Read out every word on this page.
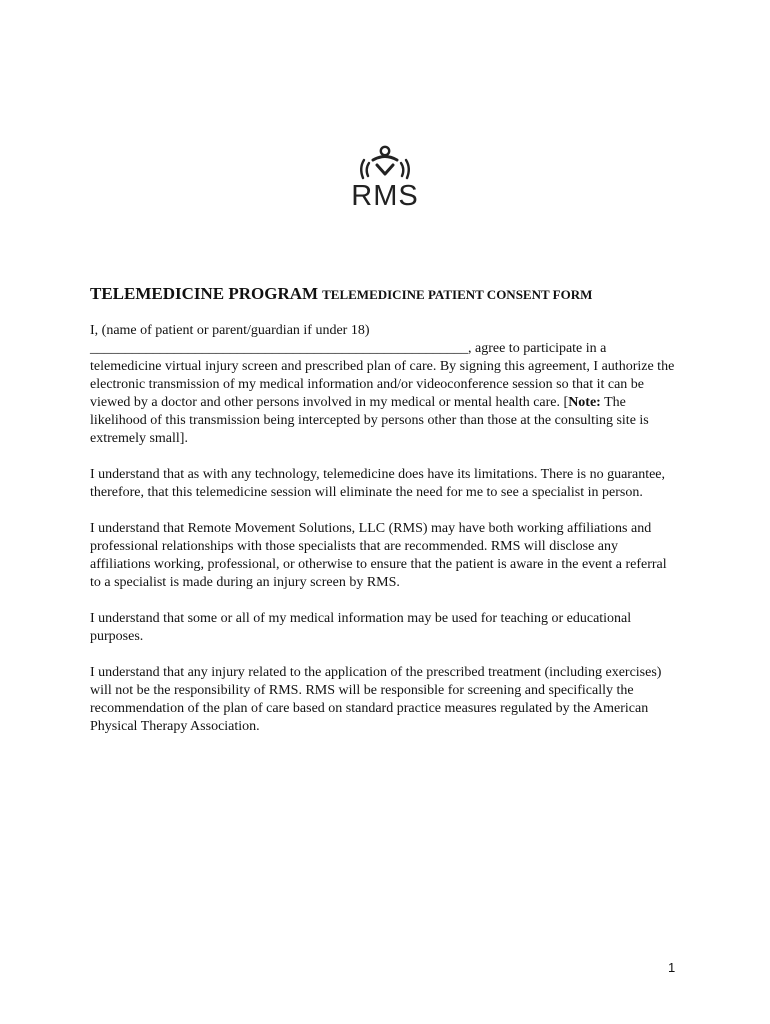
RMS
TELEMEDICINE PROGRAM TELEMEDICINE PATIENT CONSENT FORM

I, (name of patient or parent/guardian if under 18)

______________________________________________________, agree to participate in a telemedicine virtual injury screen and prescribed plan of care. By signing this agreement, I authorize the electronic transmission of my medical information and/or videoconference session so that it can be viewed by a doctor and other persons involved in my medical or mental health care. [Note: The likelihood of this transmission being intercepted by persons other than those at the consulting site is extremely small].

I understand that as with any technology, telemedicine does have its limitations. There is no guarantee, therefore, that this telemedicine session will eliminate the need for me to see a specialist in person.

I understand that Remote Movement Solutions, LLC (RMS) may have both working affiliations and professional relationships with those specialists that are recommended. RMS will disclose any affiliations working, professional, or otherwise to ensure that the patient is aware in the event a referral to a specialist is made during an injury screen by RMS.

I understand that some or all of my medical information may be used for teaching or educational purposes.

I understand that any injury related to the application of the prescribed treatment (including exercises) will not be the responsibility of RMS. RMS will be responsible for screening and specifically the recommendation of the plan of care based on standard practice measures regulated by the American Physical Therapy Association.

1
